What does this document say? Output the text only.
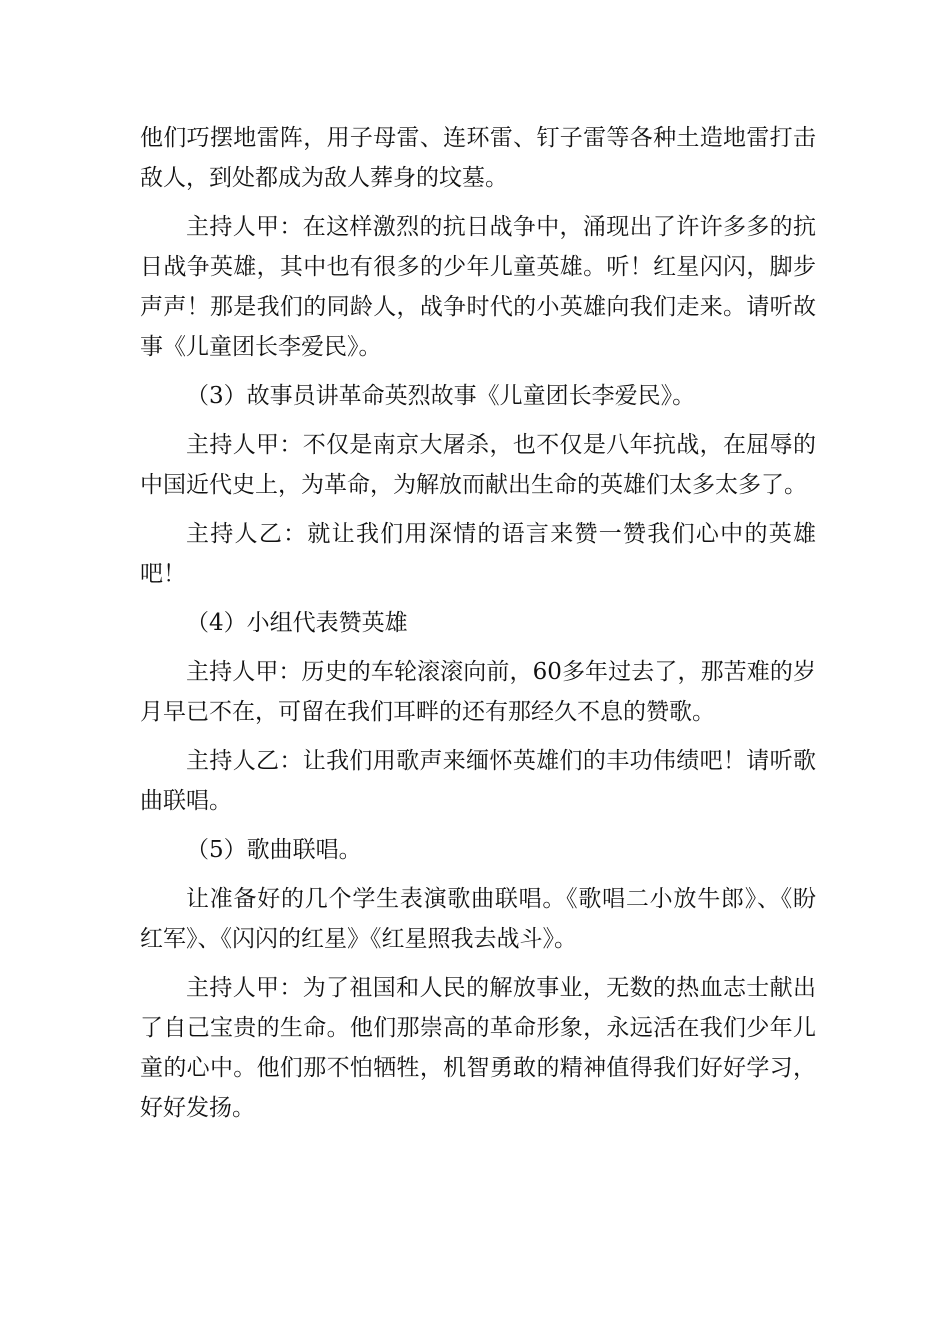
他们巧摆地雷阵，用子母雷、连环雷、钉子雷等各种土造地雷打击敌人，到处都成为敌人葬身的坟墓。

主持人甲：在这样激烈的抗日战争中，涌现出了许许多多的抗日战争英雄，其中也有很多的少年儿童英雄。听！红星闪闪，脚步声声！那是我们的同龄人，战争时代的小英雄向我们走来。请听故事《儿童团长李爱民》。

（3）故事员讲革命英烈故事《儿童团长李爱民》。

主持人甲：不仅是南京大屠杀，也不仅是八年抗战，在屈辱的中国近代史上，为革命，为解放而献出生命的英雄们太多太多了。

主持人乙：就让我们用深情的语言来赞一赞我们心中的英雄吧！

（4）小组代表赞英雄

主持人甲：历史的车轮滚滚向前，60多年过去了，那苦难的岁月早已不在，可留在我们耳畔的还有那经久不息的赞歌。

主持人乙：让我们用歌声来缅怀英雄们的丰功伟绩吧！请听歌曲联唱。

（5）歌曲联唱。

让准备好的几个学生表演歌曲联唱。《歌唱二小放牛郎》、《盼红军》、《闪闪的红星》《红星照我去战斗》。

主持人甲：为了祖国和人民的解放事业，无数的热血志士献出了自己宝贵的生命。他们那崇高的革命形象，永远活在我们少年儿童的心中。他们那不怕牺牲，机智勇敢的精神值得我们好好学习，好好发扬。
